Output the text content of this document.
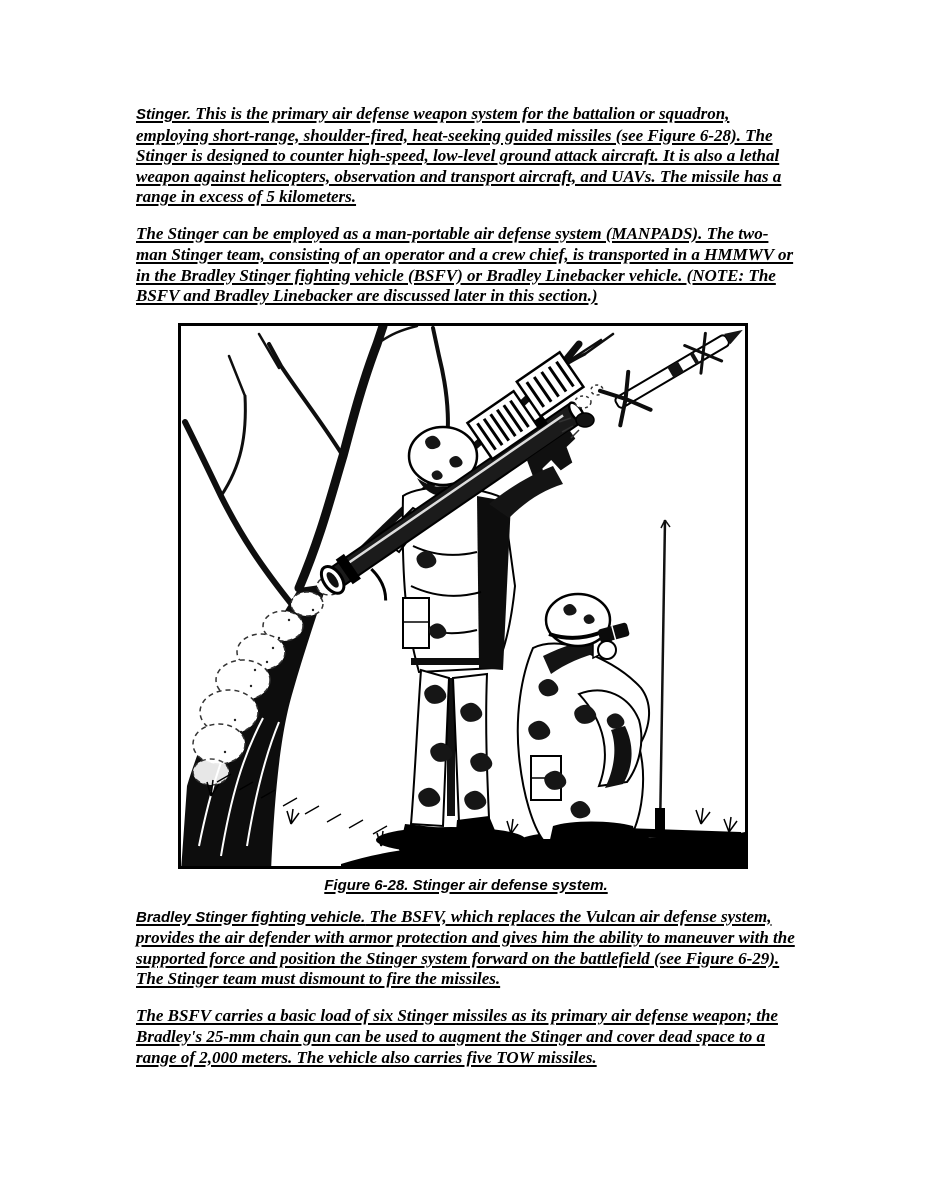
Stinger. This is the primary air defense weapon system for the battalion or squadron, employing short-range, shoulder-fired, heat-seeking guided missiles (see Figure 6-28). The Stinger is designed to counter high-speed, low-level ground attack aircraft. It is also a lethal weapon against helicopters, observation and transport aircraft, and UAVs. The missile has a range in excess of 5 kilometers.

The Stinger can be employed as a man-portable air defense system (MANPADS). The two-man Stinger team, consisting of an operator and a crew chief, is transported in a HMMWV or in the Bradley Stinger fighting vehicle (BSFV) or Bradley Linebacker vehicle. (NOTE: The BSFV and Bradley Linebacker are discussed later in this section.)

Figure 6-28. Stinger air defense system.

Bradley Stinger fighting vehicle. The BSFV, which replaces the Vulcan air defense system, provides the air defender with armor protection and gives him the ability to maneuver with the supported force and position the Stinger system forward on the battlefield (see Figure 6-29). The Stinger team must dismount to fire the missiles.

The BSFV carries a basic load of six Stinger missiles as its primary air defense weapon; the Bradley's 25-mm chain gun can be used to augment the Stinger and cover dead space to a range of 2,000 meters. The vehicle also carries five TOW missiles.
